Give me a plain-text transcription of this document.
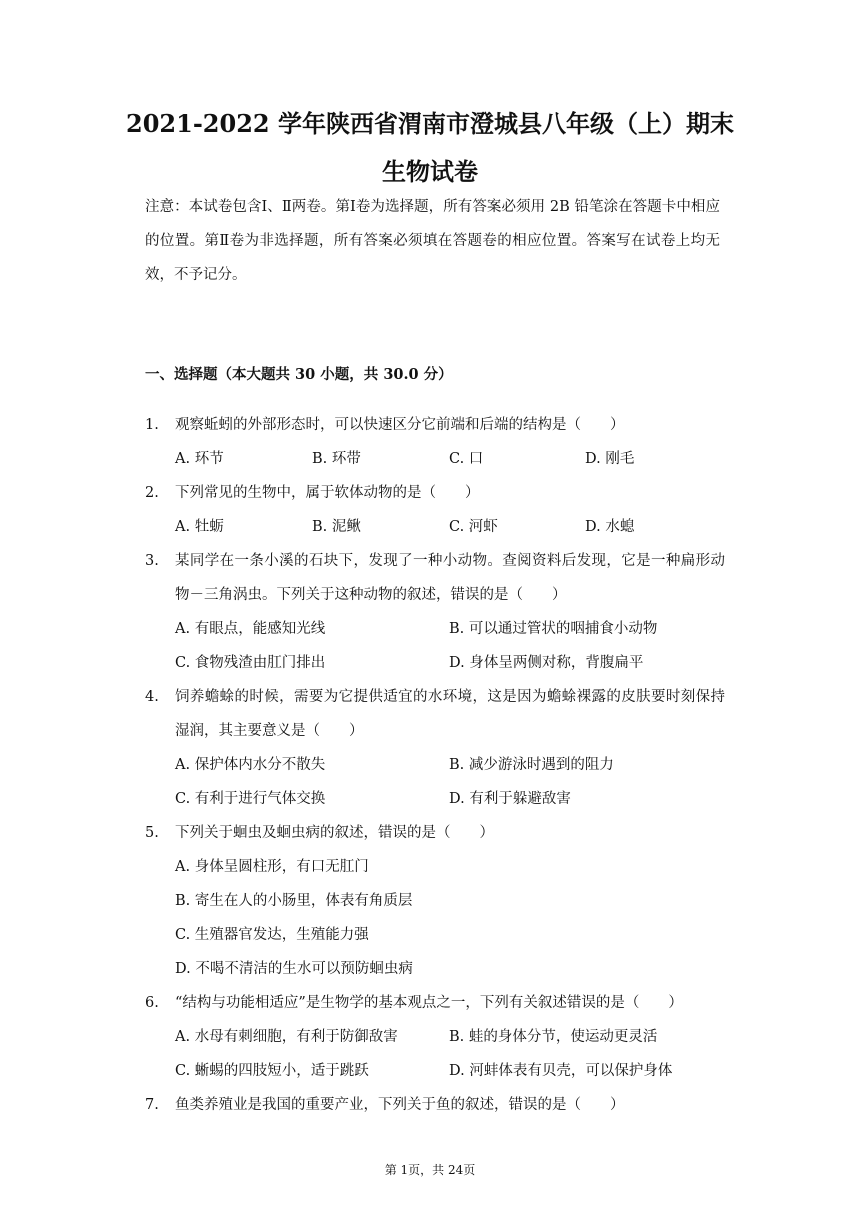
2021-2022 学年陕西省渭南市澄城县八年级（上）期末生物试卷
注意：本试卷包含Ⅰ、Ⅱ两卷。第Ⅰ卷为选择题，所有答案必须用 2B 铅笔涂在答题卡中相应的位置。第Ⅱ卷为非选择题，所有答案必须填在答题卷的相应位置。答案写在试卷上均无效，不予记分。
一、选择题（本大题共 30 小题，共 30.0 分）
1. 观察蚯蚓的外部形态时，可以快速区分它前端和后端的结构是（　　）
A. 环节	B. 环带	C. 口	D. 刚毛
2. 下列常见的生物中，属于软体动物的是（　　）
A. 牡蛎	B. 泥鳅	C. 河虾	D. 水螅
3. 某同学在一条小溪的石块下，发现了一种小动物。查阅资料后发现，它是一种扁形动物－三角涡虫。下列关于这种动物的叙述，错误的是（　　）
A. 有眼点，能感知光线	B. 可以通过管状的咽捕食小动物
C. 食物残渣由肛门排出	D. 身体呈两侧对称，背腹扁平
4. 饲养蟾蜍的时候，需要为它提供适宜的水环境，这是因为蟾蜍裸露的皮肤要时刻保持湿润，其主要意义是（　　）
A. 保护体内水分不散失	B. 减少游泳时遇到的阻力
C. 有利于进行气体交换	D. 有利于躲避敌害
5. 下列关于蛔虫及蛔虫病的叙述，错误的是（　　）
A. 身体呈圆柱形，有口无肛门
B. 寄生在人的小肠里，体表有角质层
C. 生殖器官发达，生殖能力强
D. 不喝不清洁的生水可以预防蛔虫病
6. “结构与功能相适应”是生物学的基本观点之一，下列有关叙述错误的是（　　）
A. 水母有刺细胞，有利于防御敌害	B. 蛙的身体分节，使运动更灵活
C. 蜥蜴的四肢短小，适于跳跃	D. 河蚌体表有贝壳，可以保护身体
7. 鱼类养殖业是我国的重要产业，下列关于鱼的叙述，错误的是（　　）
第 1页，共 24页
